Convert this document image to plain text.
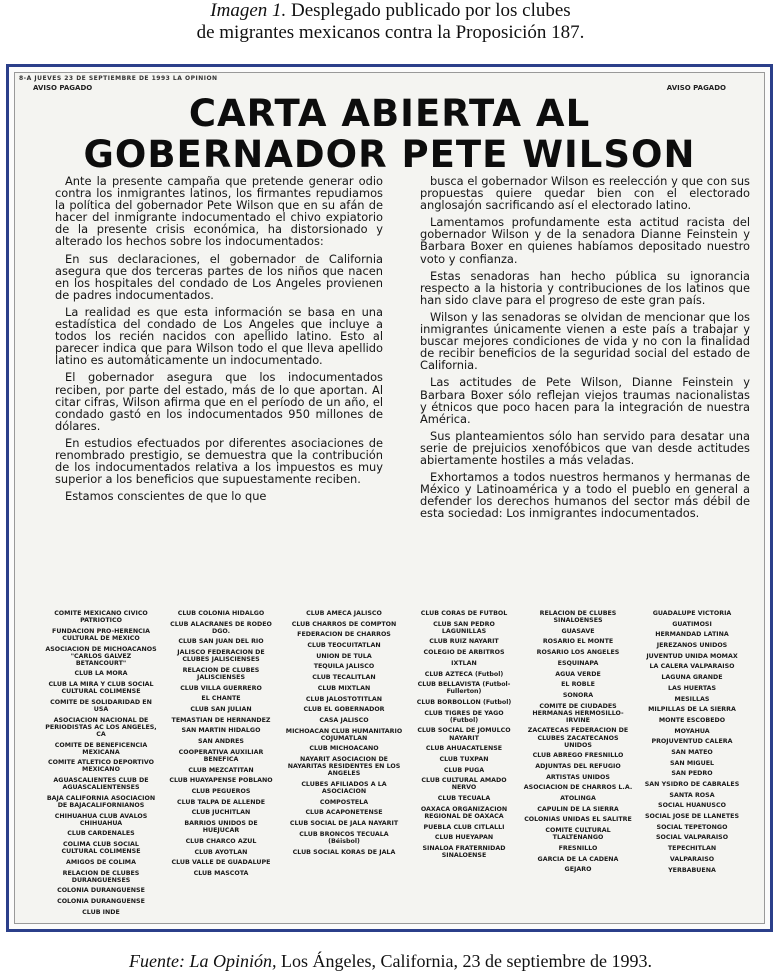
Imagen 1. Desplegado publicado por los clubes
de migrantes mexicanos contra la Proposición 187.
8-A JUEVES 23 DE SEPTIEMBRE DE 1993 LA OPINION
AVISO PAGADO	AVISO PAGADO
CARTA ABIERTA AL
GOBERNADOR PETE WILSON

Ante la presente campaña que pretende generar odio contra los inmigrantes latinos, los firmantes repudiamos la política del gobernador Pete Wilson que en su afán de hacer del inmigrante indocumentado el chivo expiatorio de la presente crisis económica, ha distorsionado y alterado los hechos sobre los indocumentados:

En sus declaraciones, el gobernador de California asegura que dos terceras partes de los niños que nacen en los hospitales del condado de Los Angeles provienen de padres indocumentados.

La realidad es que esta información se basa en una estadística del condado de Los Angeles que incluye a todos los recién nacidos con apellido latino. Esto al parecer indica que para Wilson todo el que lleva apellido latino es automáticamente un indocumentado.

El gobernador asegura que los indocumentados reciben, por parte del estado, más de lo que aportan. Al citar cifras, Wilson afirma que en el período de un año, el condado gastó en los indocumentados 950 millones de dólares.

En estudios efectuados por diferentes asociaciones de renombrado prestigio, se demuestra que la contribución de los indocumentados relativa a los impuestos es muy superior a los beneficios que supuestamente reciben.

Estamos conscientes de que lo que

busca el gobernador Wilson es reelección y que con sus propuestas quiere quedar bien con el electorado anglosajón sacrificando así el electorado latino.

Lamentamos profundamente esta actitud racista del gobernador Wilson y de la senadora Dianne Feinstein y Barbara Boxer en quienes habíamos depositado nuestro voto y confianza.

Estas senadoras han hecho pública su ignorancia respecto a la historia y contribuciones de los latinos que han sido clave para el progreso de este gran país.

Wilson y las senadoras se olvidan de mencionar que los inmigrantes únicamente vienen a este país a trabajar y buscar mejores condiciones de vida y no con la finalidad de recibir beneficios de la seguridad social del estado de California.

Las actitudes de Pete Wilson, Dianne Feinstein y Barbara Boxer sólo reflejan viejos traumas nacionalistas y étnicos que poco hacen para la integración de nuestra América.

Sus planteamientos sólo han servido para desatar una serie de prejuicios xenofóbicos que van desde actitudes abiertamente hostiles a más veladas.

Exhortamos a todos nuestros hermanos y hermanas de México y Latinoamérica y a todo el pueblo en general a defender los derechos humanos del sector más débil de esta sociedad: Los inmigrantes indocumentados.

COMITE MEXICANO CIVICO PATRIOTICO
FUNDACION PRO-HERENCIA CULTURAL DE MEXICO
ASOCIACION DE MICHOACANOS "CARLOS GALVEZ BETANCOURT"
CLUB LA MORA
CLUB LA MIRA Y CLUB SOCIAL CULTURAL COLIMENSE
COMITE DE SOLIDARIDAD EN USA
ASOCIACION NACIONAL DE PERIODISTAS AC LOS ANGELES, CA
COMITE DE BENEFICENCIA MEXICANA
COMITE ATLETICO DEPORTIVO MEXICANO
AGUASCALIENTES CLUB DE AGUASCALIENTENSES
BAJA CALIFORNIA ASOCIACION DE BAJACALIFORNIANOS
CHIHUAHUA CLUB AVALOS CHIHUAHUA
CLUB CARDENALES
COLIMA CLUB SOCIAL CULTURAL COLIMENSE
AMIGOS DE COLIMA
RELACION DE CLUBES DURANGUENSES
COLONIA DURANGUENSE
COLONIA DURANGUENSE
CLUB INDE
CLUB COLONIA HIDALGO
CLUB ALACRANES DE RODEO DGO.
CLUB SAN JUAN DEL RIO
JALISCO FEDERACION DE CLUBES JALISCIENSES
RELACION DE CLUBES JALISCIENSES
CLUB VILLA GUERRERO
EL CHANTE
CLUB SAN JULIAN
TEMASTIAN DE HERNANDEZ
SAN MARTIN HIDALGO
SAN ANDRES
COOPERATIVA AUXILIAR BENEFICA
CLUB MEZCATITAN
CLUB HUAYAPENSE POBLANO
CLUB PEGUEROS
CLUB TALPA DE ALLENDE
CLUB JUCHITLAN
BARRIOS UNIDOS DE HUEJUCAR
CLUB CHARCO AZUL
CLUB AYOTLAN
CLUB VALLE DE GUADALUPE
CLUB MASCOTA
CLUB AMECA JALISCO
CLUB CHARROS DE COMPTON
FEDERACION DE CHARROS
CLUB TEOCUITATLAN
UNION DE TULA
TEQUILA JALISCO
CLUB TECALITLAN
CLUB MIXTLAN
CLUB JALOSTOTITLAN
CLUB EL GOBERNADOR
CASA JALISCO
MICHOACAN CLUB HUMANITARIO COJUMATLAN
CLUB MICHOACANO
NAYARIT ASOCIACION DE NAYARITAS RESIDENTES EN LOS ANGELES
CLUBES AFILIADOS A LA ASOCIACION
COMPOSTELA
CLUB ACAPONETENSE
CLUB SOCIAL DE JALA NAYARIT
CLUB BRONCOS TECUALA (Béisbol)
CLUB SOCIAL KORAS DE JALA
CLUB CORAS DE FUTBOL
CLUB SAN PEDRO LAGUNILLAS
CLUB RUIZ NAYARIT
COLEGIO DE ARBITROS
IXTLAN
CLUB AZTECA (Futbol)
CLUB BELLAVISTA (Futbol-Fullerton)
CLUB BORBOLLON (Futbol)
CLUB TIGRES DE YAGO (Futbol)
CLUB SOCIAL DE JOMULCO NAYARIT
CLUB AHUACATLENSE
CLUB TUXPAN
CLUB PUGA
CLUB CULTURAL AMADO NERVO
CLUB TECUALA
OAXACA ORGANIZACION REGIONAL DE OAXACA
PUEBLA CLUB CITLALLI
CLUB HUEYAPAN
SINALOA FRATERNIDAD SINALOENSE
RELACION DE CLUBES SINALOENSES
GUASAVE
ROSARIO EL MONTE
ROSARIO LOS ANGELES
ESQUINAPA
AGUA VERDE
EL ROBLE
SONORA
COMITE DE CIUDADES HERMANAS HERMOSILLO-IRVINE
ZACATECAS FEDERACION DE CLUBES ZACATECANOS UNIDOS
CLUB ABREGO FRESNILLO
ADJUNTAS DEL REFUGIO
ARTISTAS UNIDOS
ASOCIACION DE CHARROS L.A.
ATOLINGA
CAPULIN DE LA SIERRA
COLONIAS UNIDAS EL SALITRE
COMITE CULTURAL TLALTENANGO
FRESNILLO
GARCIA DE LA CADENA
GEJARO
GUADALUPE VICTORIA
GUATIMOSI
HERMANDAD LATINA
JEREZANOS UNIDOS
JUVENTUD UNIDA MOMAX
LA CALERA VALPARAISO
LAGUNA GRANDE
LAS HUERTAS
MESILLAS
MILPILLAS DE LA SIERRA
MONTE ESCOBEDO
MOYAHUA
PROJUVENTUD CALERA
SAN MATEO
SAN MIGUEL
SAN PEDRO
SAN YSIDRO DE CABRALES
SANTA ROSA
SOCIAL HUANUSCO
SOCIAL JOSE DE LLANETES
SOCIAL TEPETONGO
SOCIAL VALPARAISO
TEPECHITLAN
VALPARAISO
YERBABUENA
Fuente: La Opinión, Los Ángeles, California, 23 de septiembre de 1993.
